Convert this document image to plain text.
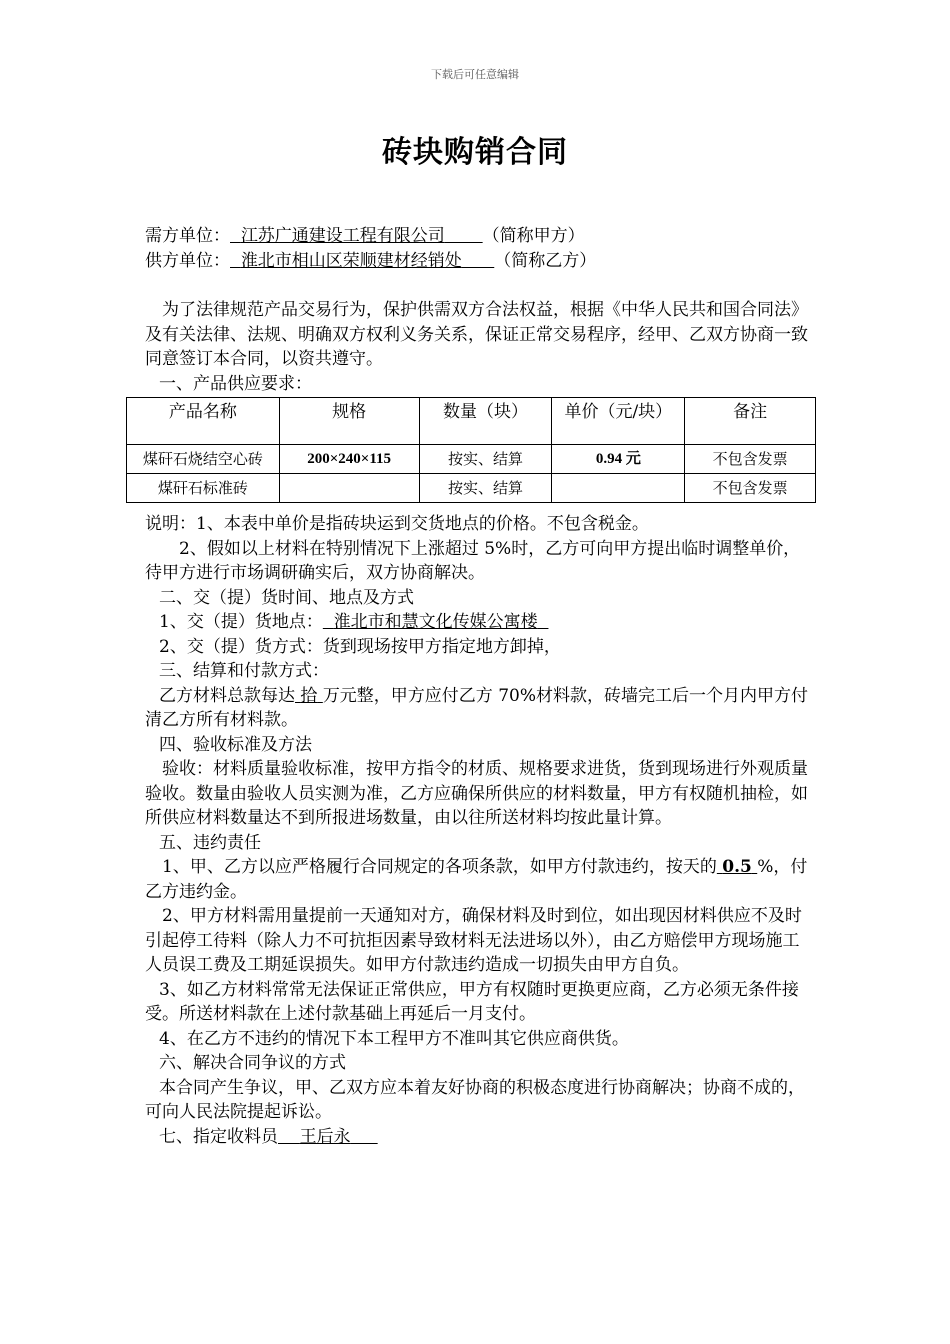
下载后可任意编辑
砖块购销合同
需方单位： 江苏广通建设工程有限公司 （简称甲方）
供方单位： 淮北市相山区荣顺建材经销处 （简称乙方）

为了法律规范产品交易行为，保护供需双方合法权益，根据《中华人民共和国合同法》及有关法律、法规、明确双方权利义务关系，保证正常交易程序，经甲、乙双方协商一致同意签订本合同，以资共遵守。

一、产品供应要求：

产品名称	规格	数量（块）	单价（元/块）	备注
煤矸石烧结空心砖	200×240×115	按实、结算	0.94 元	不包含发票
煤矸石标准砖		按实、结算		不包含发票

说明：1、本表中单价是指砖块运到交货地点的价格。不包含税金。

2、假如以上材料在特别情况下上涨超过 5%时，乙方可向甲方提出临时调整单价，待甲方进行市场调研确实后，双方协商解决。

二、交（提）货时间、地点及方式

1、交（提）货地点： 淮北市和慧文化传媒公寓楼

2、交（提）货方式：货到现场按甲方指定地方卸掉，

三、结算和付款方式：

乙方材料总款每达 拾 万元整，甲方应付乙方 70%材料款，砖墙完工后一个月内甲方付清乙方所有材料款。

四、验收标准及方法

验收：材料质量验收标准，按甲方指令的材质、规格要求进货，货到现场进行外观质量验收。数量由验收人员实测为准，乙方应确保所供应的材料数量，甲方有权随机抽检，如所供应材料数量达不到所报进场数量，由以往所送材料均按此量计算。

五、违约责任

1、甲、乙方以应严格履行合同规定的各项条款，如甲方付款违约，按天的 0.5 %，付乙方违约金。

2、甲方材料需用量提前一天通知对方，确保材料及时到位，如出现因材料供应不及时引起停工待料（除人力不可抗拒因素导致材料无法进场以外），由乙方赔偿甲方现场施工人员误工费及工期延误损失。如甲方付款违约造成一切损失由甲方自负。

3、如乙方材料常常无法保证正常供应，甲方有权随时更换更应商，乙方必须无条件接受。所送材料款在上述付款基础上再延后一月支付。

4、在乙方不违约的情况下本工程甲方不准叫其它供应商供货。

六、解决合同争议的方式

本合同产生争议，甲、乙双方应本着友好协商的积极态度进行协商解决；协商不成的，可向人民法院提起诉讼。

七、指定收料员 王后永
